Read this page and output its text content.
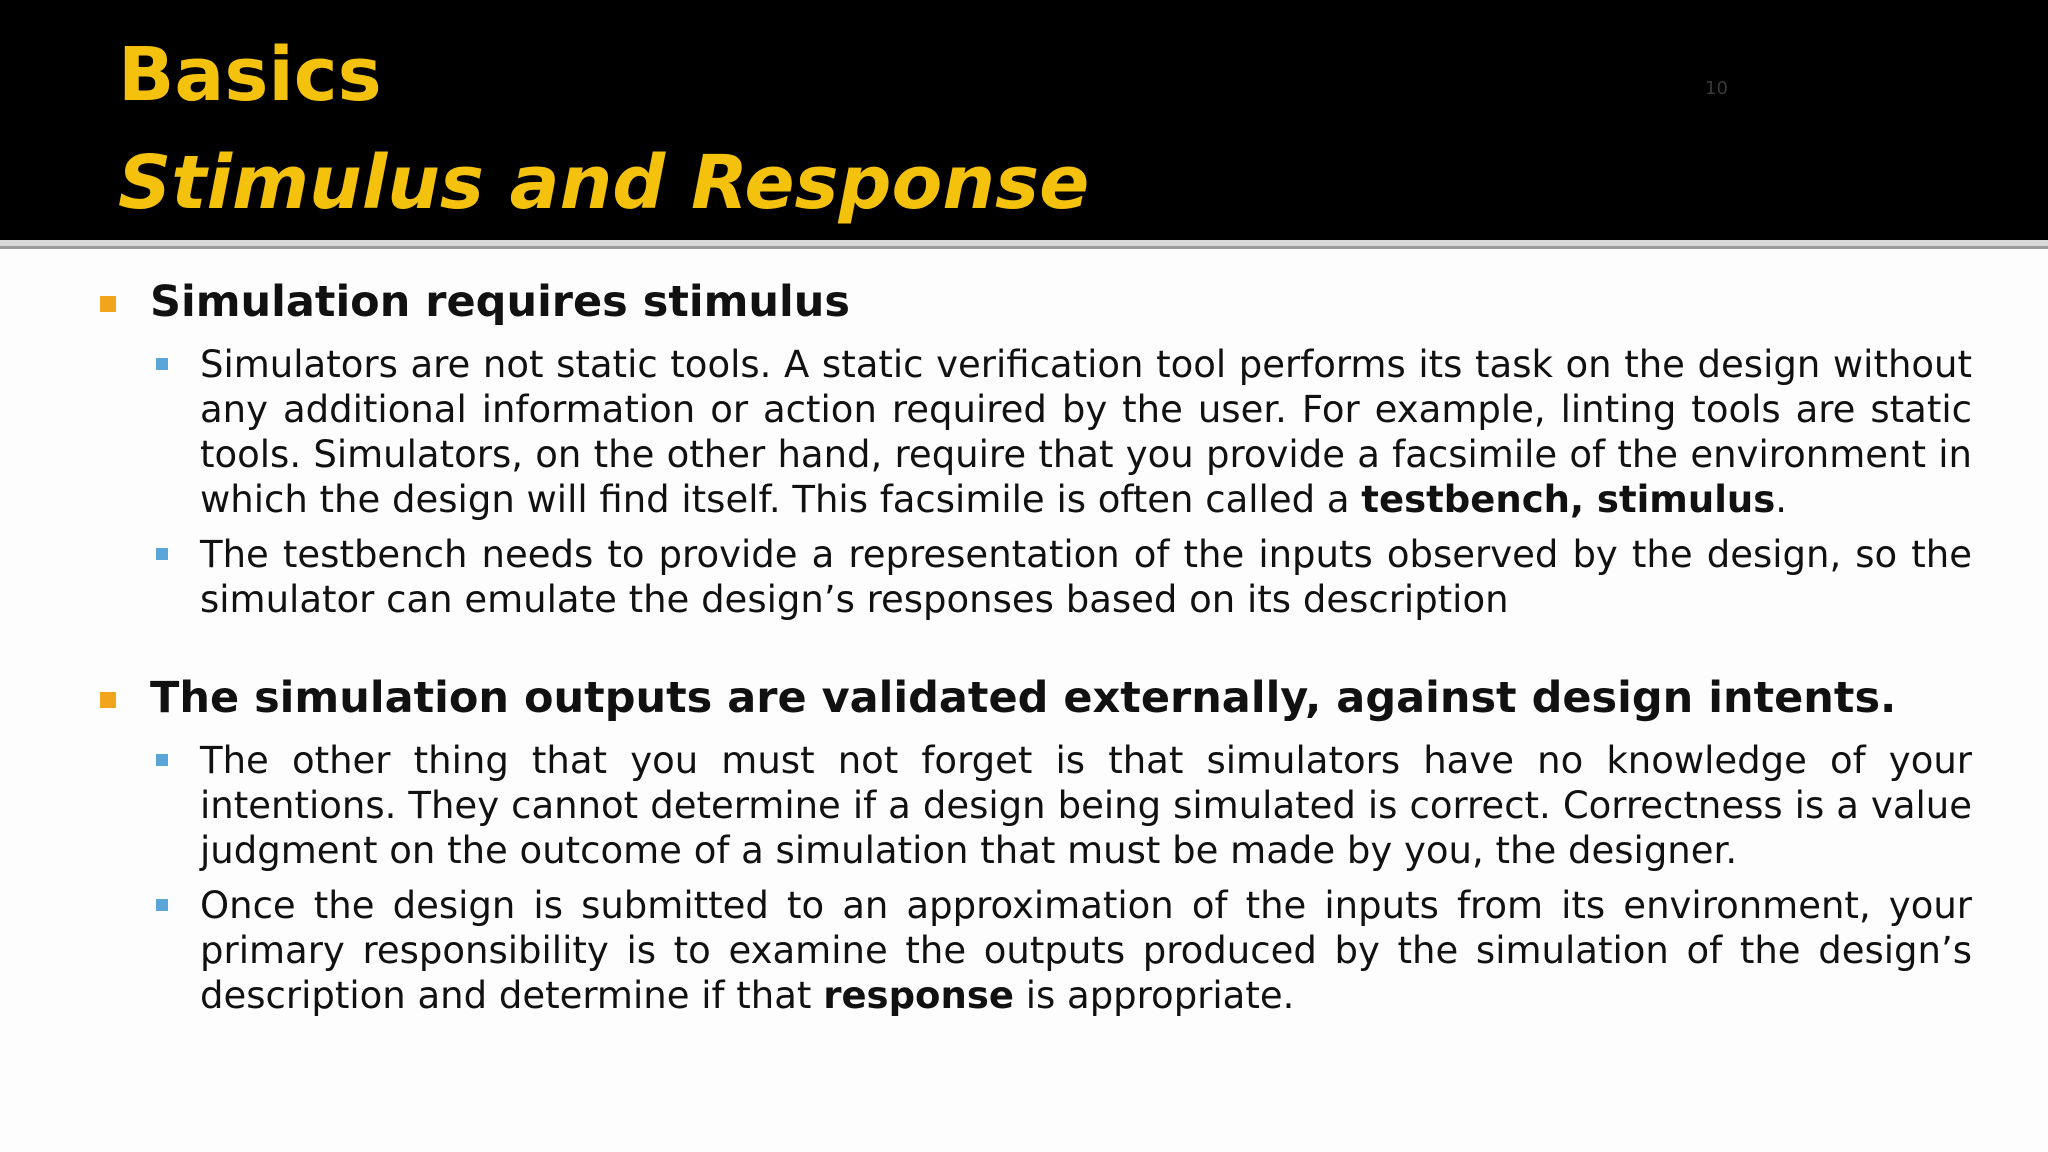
Basics
Stimulus and Response
10
Simulation requires stimulus
Simulators are not static tools. A static verification tool performs its task on the design without any additional information or action required by the user. For example, linting tools are static tools. Simulators, on the other hand, require that you provide a facsimile of the environment in which the design will find itself. This facsimile is often called a testbench, stimulus.
The testbench needs to provide a representation of the inputs observed by the design, so the simulator can emulate the design’s responses based on its description
The simulation outputs are validated externally, against design intents.
The other thing that you must not forget is that simulators have no knowledge of your intentions. They cannot determine if a design being simulated is correct. Correctness is a value judgment on the outcome of a simulation that must be made by you, the designer.
Once the design is submitted to an approximation of the inputs from its environment, your primary responsibility is to examine the outputs produced by the simulation of the design’s description and determine if that response is appropriate.
